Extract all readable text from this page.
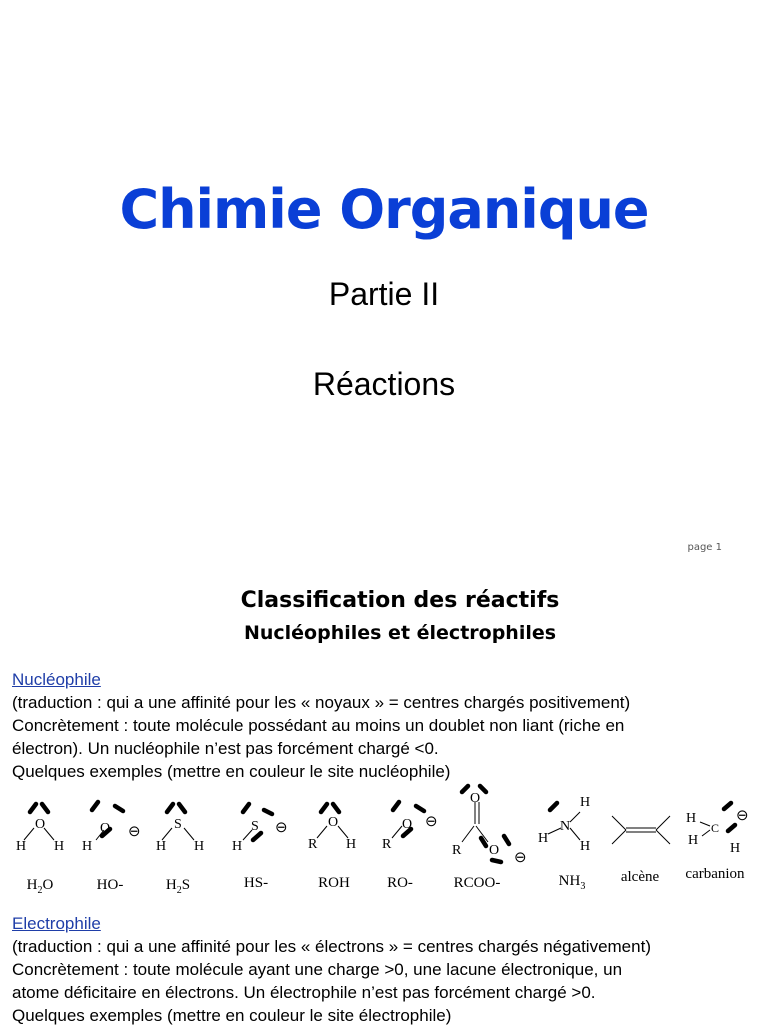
Chimie Organique
Partie II
Réactions
page 1
Classification des réactifs
Nucléophiles et électrophiles
Nucléophile
(traduction : qui a une affinité pour les « noyaux » = centres chargés positivement)
Concrètement : toute molécule possédant au moins un doublet non liant (riche en
électron). Un nucléophile n’est pas forcément chargé <0.
Quelques exemples (mettre en couleur le site nucléophile)
H
O
H H
O
H
S
H H
S
R
O
H R
O
O
R O
H
H
N
H
H
H
C
H
⊖	⊖	⊖
⊖
⊖
$H_2O$	HO-	$H_2S$	HS-	ROH	RO-	RCOO-	$NH_3$
alcène	carbanion
Electrophile
(traduction : qui a une affinité pour les « électrons » = centres chargés négativement)
Concrètement : toute molécule ayant une charge >0, une lacune électronique, un
atome déficitaire en électrons. Un électrophile n’est pas forcément chargé >0.
Quelques exemples (mettre en couleur le site électrophile)
